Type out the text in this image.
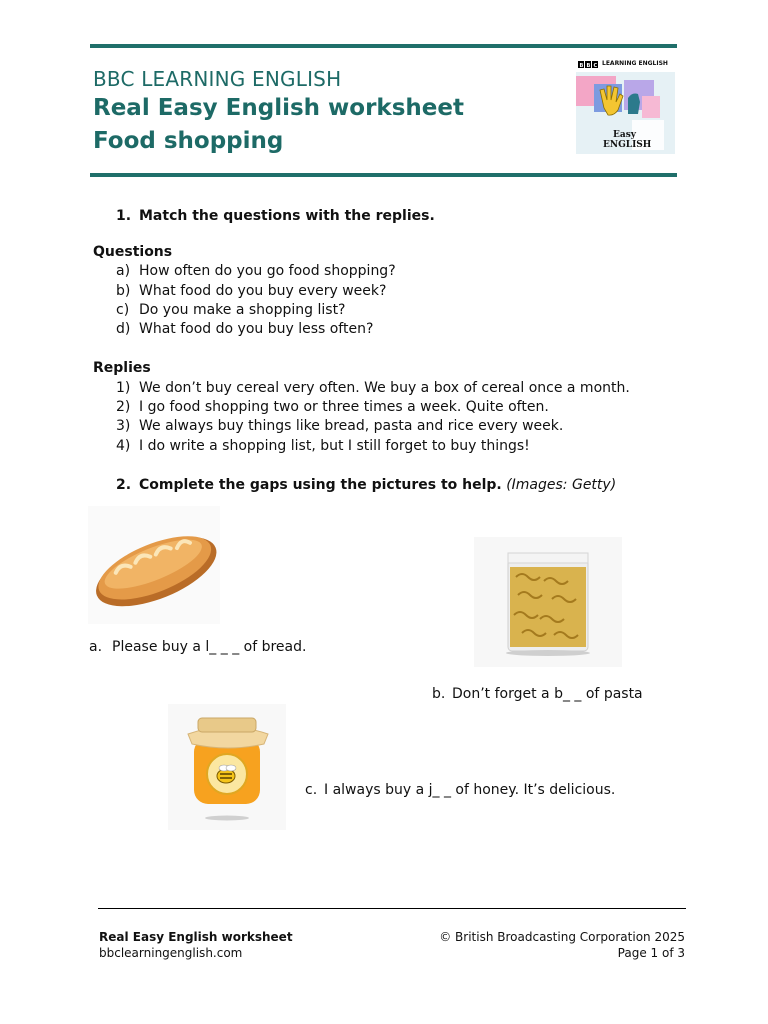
BBC LEARNING ENGLISH
Real Easy English worksheet
Food shopping
B B C LEARNING ENGLISH
Easy
ENGLISH
1. Match the questions with the replies.
Questions
a) How often do you go food shopping?
b) What food do you buy every week?
c) Do you make a shopping list?
d) What food do you buy less often?
Replies
1) We don’t buy cereal very often. We buy a box of cereal once a month.
2) I go food shopping two or three times a week. Quite often.
3) We always buy things like bread, pasta and rice every week.
4) I do write a shopping list, but I still forget to buy things!
2. Complete the gaps using the pictures to help. (Images: Getty)
a. Please buy a l_ _ _ of bread.
b. Don’t forget a b_ _ of pasta
c. I always buy a j_ _ of honey. It’s delicious.
Real Easy English worksheet
bbclearningenglish.com
© British Broadcasting Corporation 2025
Page 1 of 3
